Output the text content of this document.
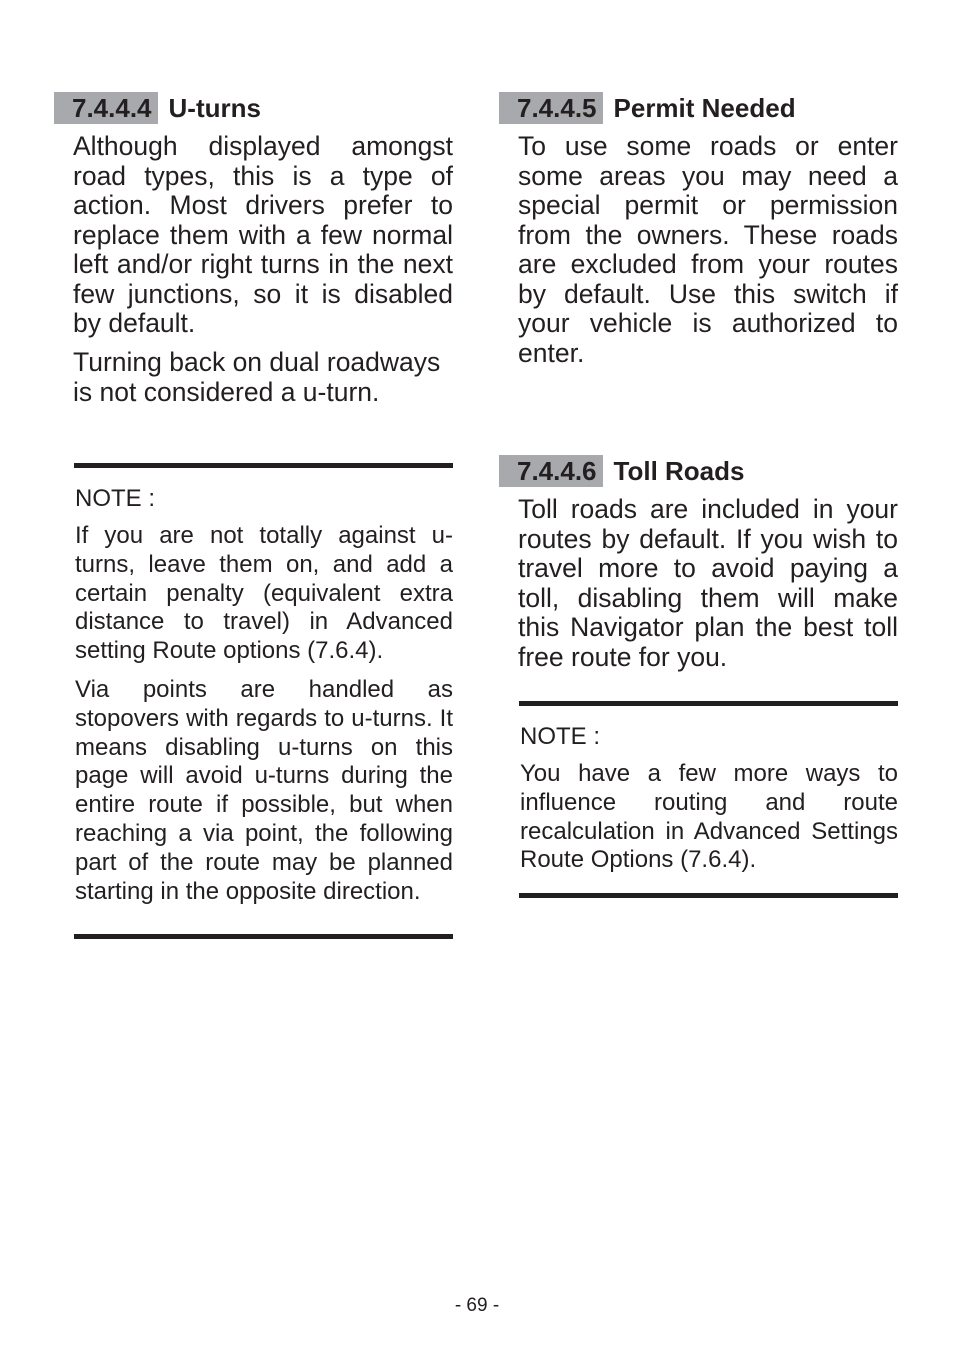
7.4.4.4 U-turns

Although displayed amongst road types, this is a type of action. Most drivers prefer to replace them with a few normal left and/or right turns in the next few junctions, so it is disabled by default.

Turning back on dual roadways is not considered a u-turn.

NOTE :

If you are not totally against u-turns, leave them on, and add a certain penalty (equivalent extra distance to travel) in Advanced setting Route options (7.6.4).

Via points are handled as stopovers with regards to u-turns. It means disabling u-turns on this page will avoid u-turns during the entire route if possible, but when reaching a via point, the following part of the route may be planned starting in the opposite direction.

7.4.4.5 Permit Needed

To use some roads or enter some areas you may need a special permit or permission from the owners. These roads are excluded from your routes by default. Use this switch if your vehicle is authorized to enter.

7.4.4.6 Toll Roads

Toll roads are included in your routes by default. If you wish to travel more to avoid paying a toll, disabling them will make this Navigator plan the best toll free route for you.

NOTE :

You have a few more ways to influence routing and route recalculation in Advanced Settings Route Options (7.6.4).

- 69 -
